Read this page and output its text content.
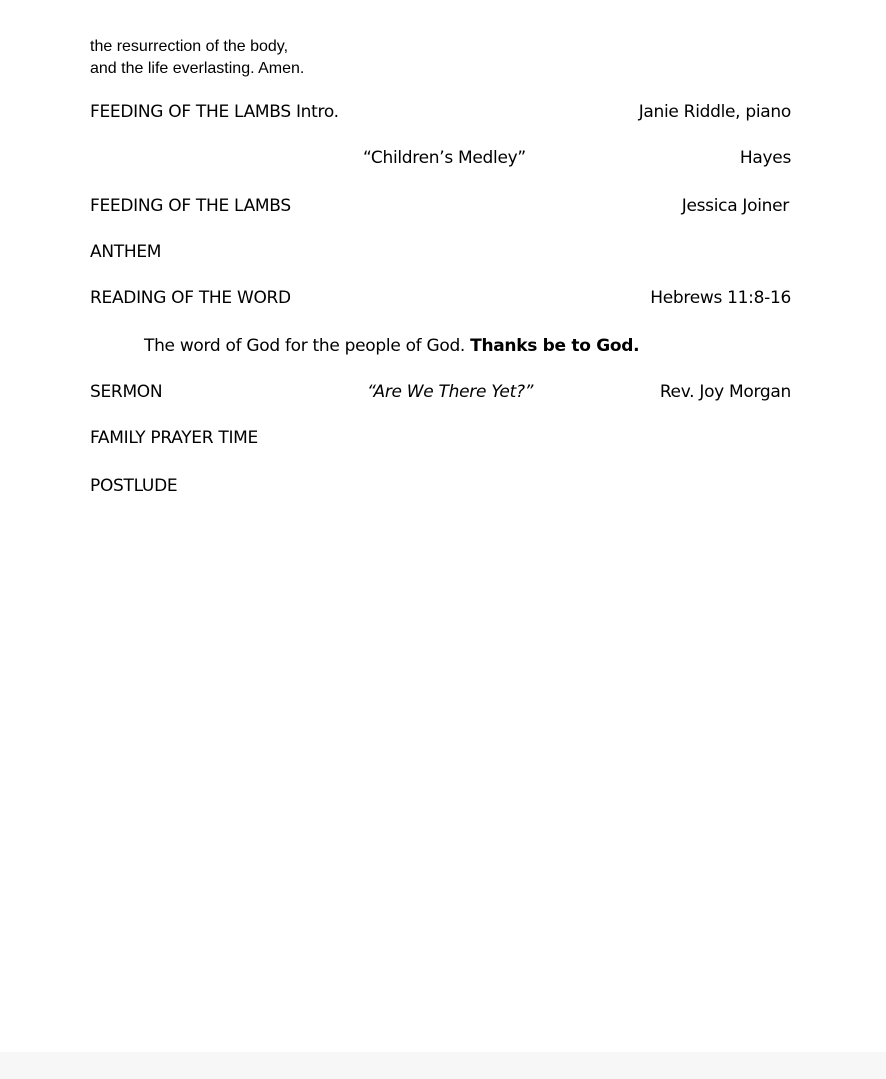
the resurrection of the body,
and the life everlasting. Amen.
FEEDING OF THE LAMBS Intro.	Janie Riddle, piano
“Children’s Medley”	Hayes
FEEDING OF THE LAMBS	Jessica Joiner
ANTHEM
READING OF THE WORD	Hebrews 11:8-16
The word of God for the people of God. Thanks be to God.
SERMON	“Are We There Yet?”	Rev. Joy Morgan
FAMILY PRAYER TIME
POSTLUDE
